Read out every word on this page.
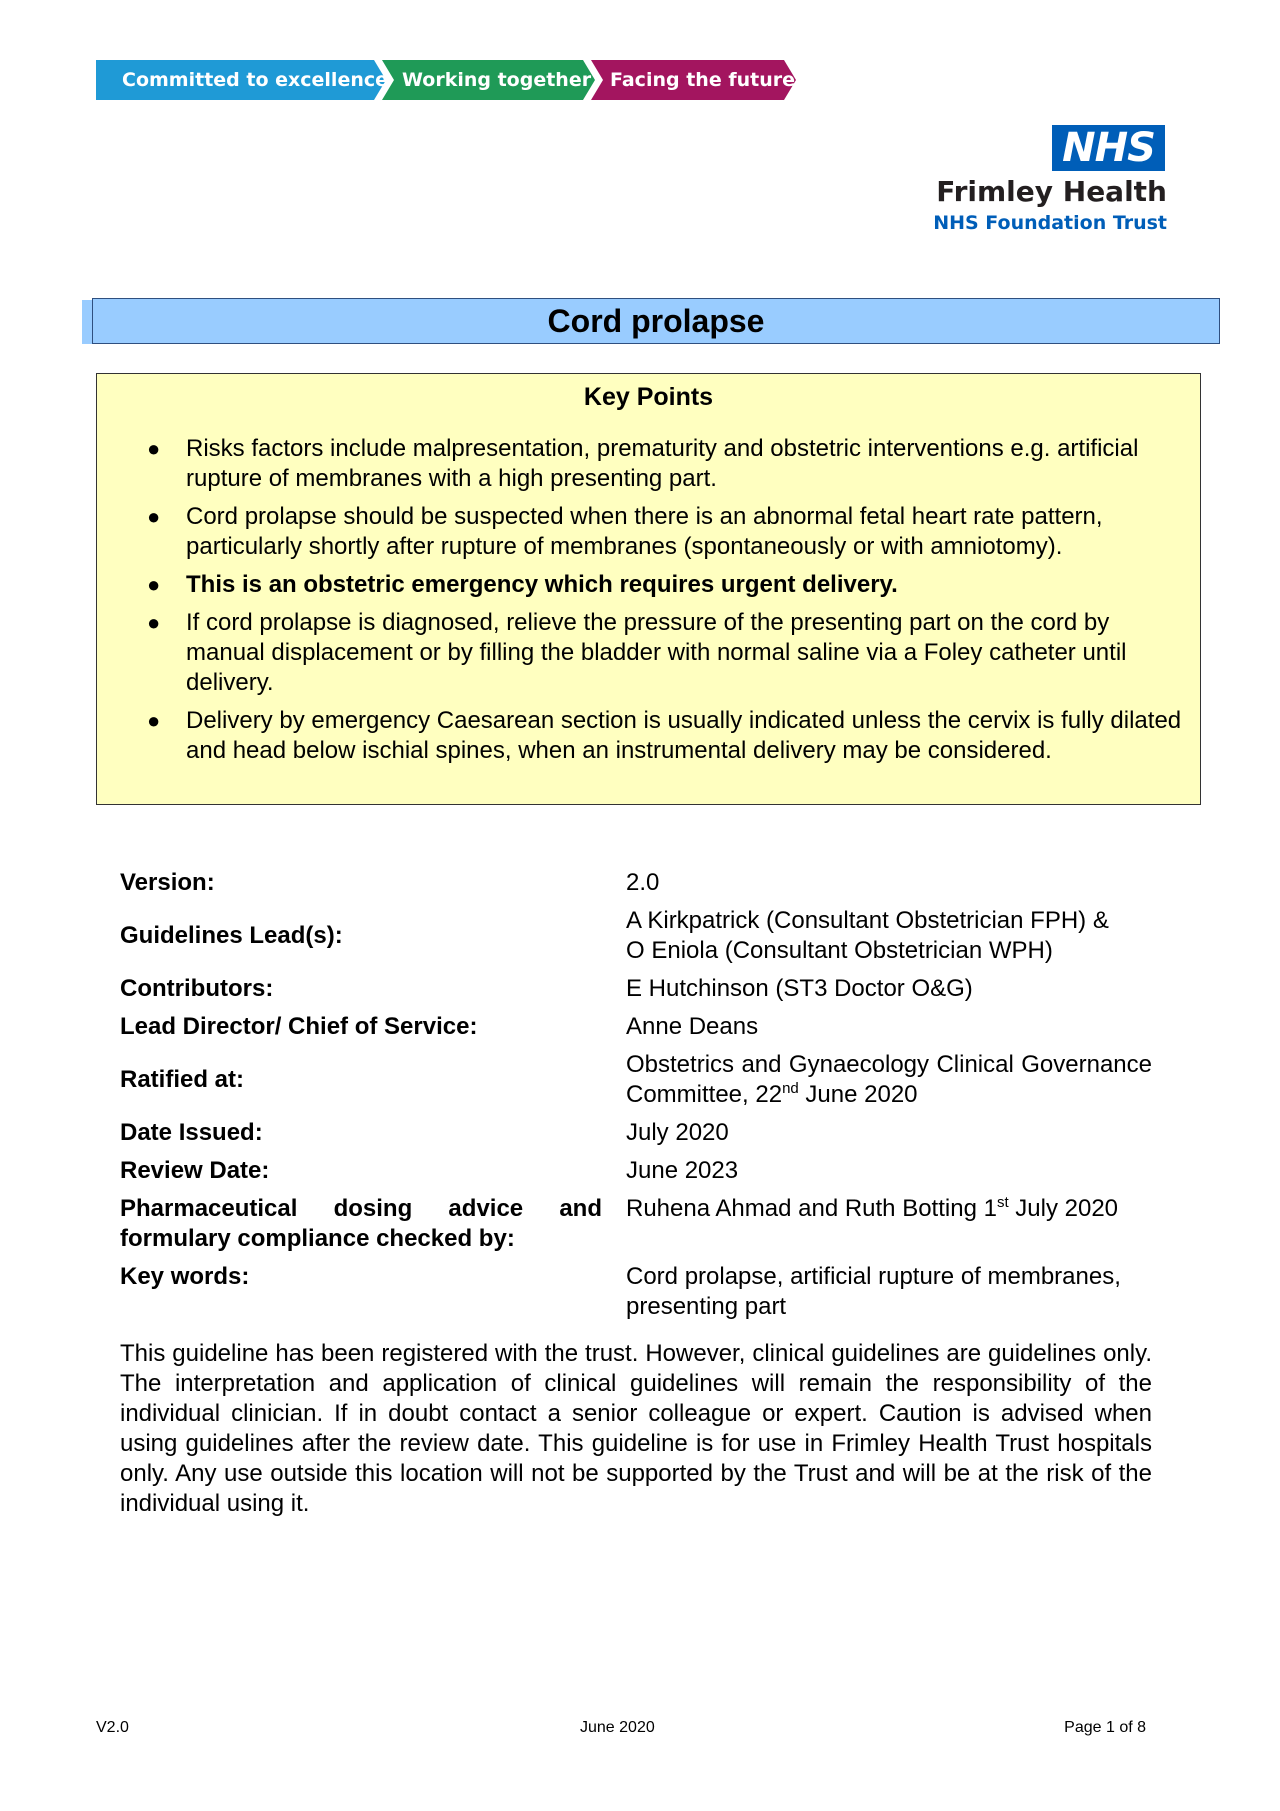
Committed to excellence Working together Facing the future
NHS
Frimley Health
NHS Foundation Trust
Cord prolapse
Key Points
● Risks factors include malpresentation, prematurity and obstetric interventions e.g. artificial rupture of membranes with a high presenting part.
● Cord prolapse should be suspected when there is an abnormal fetal heart rate pattern, particularly shortly after rupture of membranes (spontaneously or with amniotomy).
● This is an obstetric emergency which requires urgent delivery.
● If cord prolapse is diagnosed, relieve the pressure of the presenting part on the cord by manual displacement or by filling the bladder with normal saline via a Foley catheter until delivery.
● Delivery by emergency Caesarean section is usually indicated unless the cervix is fully dilated and head below ischial spines, when an instrumental delivery may be considered.
Version:	2.0
Guidelines Lead(s):
A Kirkpatrick (Consultant Obstetrician FPH) &
O Eniola (Consultant Obstetrician WPH)
Contributors:	E Hutchinson (ST3 Doctor O&G)
Lead Director/ Chief of Service:	Anne Deans
Ratified at:
Obstetrics and Gynaecology Clinical Governance Committee, 22nd June 2020
Date Issued:	July 2020
Review Date:	June 2023
Pharmaceutical dosing advice and formulary compliance checked by:
Ruhena Ahmad and Ruth Botting 1st July 2020
Key words:	Cord prolapse, artificial rupture of membranes, presenting part
This guideline has been registered with the trust. However, clinical guidelines are guidelines only. The interpretation and application of clinical guidelines will remain the responsibility of the individual clinician. If in doubt contact a senior colleague or expert. Caution is advised when using guidelines after the review date. This guideline is for use in Frimley Health Trust hospitals only. Any use outside this location will not be supported by the Trust and will be at the risk of the individual using it.
V2.0	June 2020	Page 1 of 8
